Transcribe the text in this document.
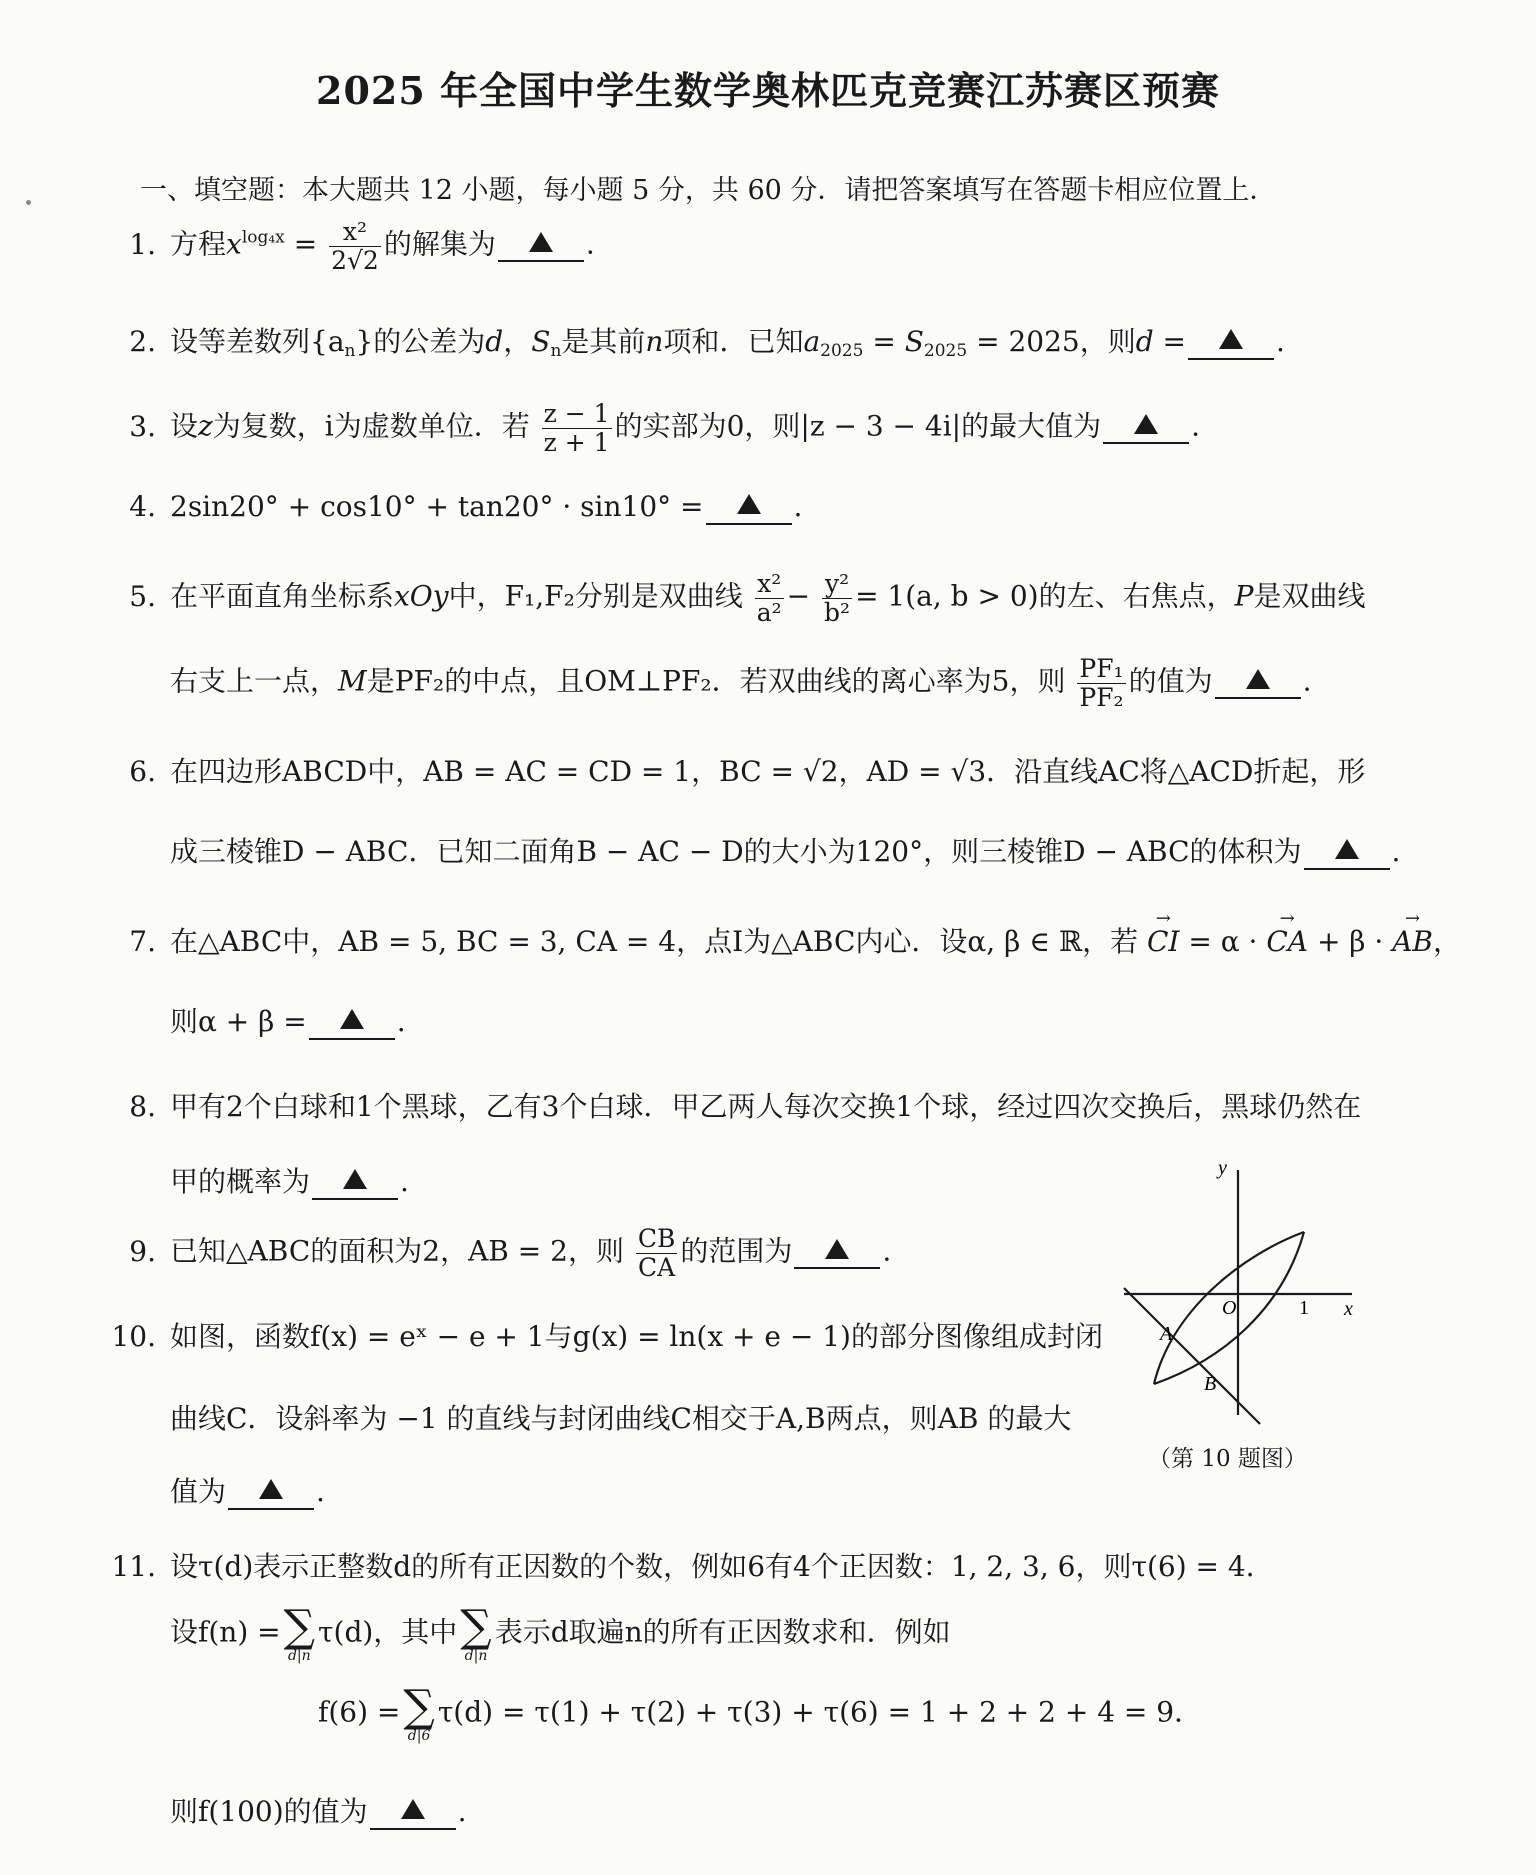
2025 年全国中学生数学奥林匹克竞赛江苏赛区预赛
一、填空题：本大题共 12 小题，每小题 5 分，共 60 分．请把答案填写在答题卡相应位置上．
1. 方程$x^{log_4x} = \frac{\text{x²}}{2√2}$ 的解集为	.
2. 设等差数列$\{a_n\}$的公差为d，$S_n$是其前n项和．已知$a_{2025} = S_{2025} = 2025$，则d =	.
3. 设z为复数，i为虚数单位．若 $\frac{z - 1}{z + 1}$ 的实部为0，则|z − 3 − 4i|的最大值为	.
4. 2sin20° + cos10° + tan20° · sin10° =	.
5. 在平面直角坐标系xOy中，F₁,F₂分别是双曲线 $\frac{\text{x²}}{\text{a²}} - \frac{\text{y²}}{\text{b²}} = 1(a$, b > 0)的左、右焦点，P是双曲线
右支上一点，M是PF₂的中点，且OM⊥PF₂．若双曲线的离心率为5，则 $\frac{\text{PF₁}}{\text{PF₂}}$ 的值为	.
6. 在四边形ABCD中，AB = AC = CD = 1，BC = √2，AD = √3．沿直线AC将△ACD折起，形
成三棱锥D − ABC．已知二面角B − AC − D的大小为120°，则三棱锥D − ABC的体积为	.
7. 在△ABC中，AB = 5, BC = 3, CA = 4，点I为△ABC内心．设α, β ∈ ℝ，若 → CI = α · → CA + β · → AB，
则α + β =	.
8. 甲有2个白球和1个黑球，乙有3个白球．甲乙两人每次交换1个球，经过四次交换后，黑球仍然在
甲的概率为	.
9. 已知△ABC的面积为2，AB = 2，则 $\frac{CB}{CA}$ 的范围为	.
10. 如图，函数f(x) = eˣ − e + 1与g(x) = ln(x + e − 1)的部分图像组成封闭
曲线C．设斜率为 −1 的直线与封闭曲线C相交于A,B两点，则AB 的最大
值为	.
y
x
O	1
A
B
（第 10 题图）
11. 设τ(d)表示正整数d的所有正因数的个数，例如6有4个正因数：1, 2, 3, 6，则τ(6) = 4．
设f(n) = ∑
d|n
τ(d)，其中 ∑
d|n
表示d取遍n的所有正因数求和．例如
f(6) = ∑
d|6
τ(d) = τ(1) + τ(2) + τ(3) + τ(6) = 1 + 2 + 2 + 4 = 9．
则f(100)的值为	.
